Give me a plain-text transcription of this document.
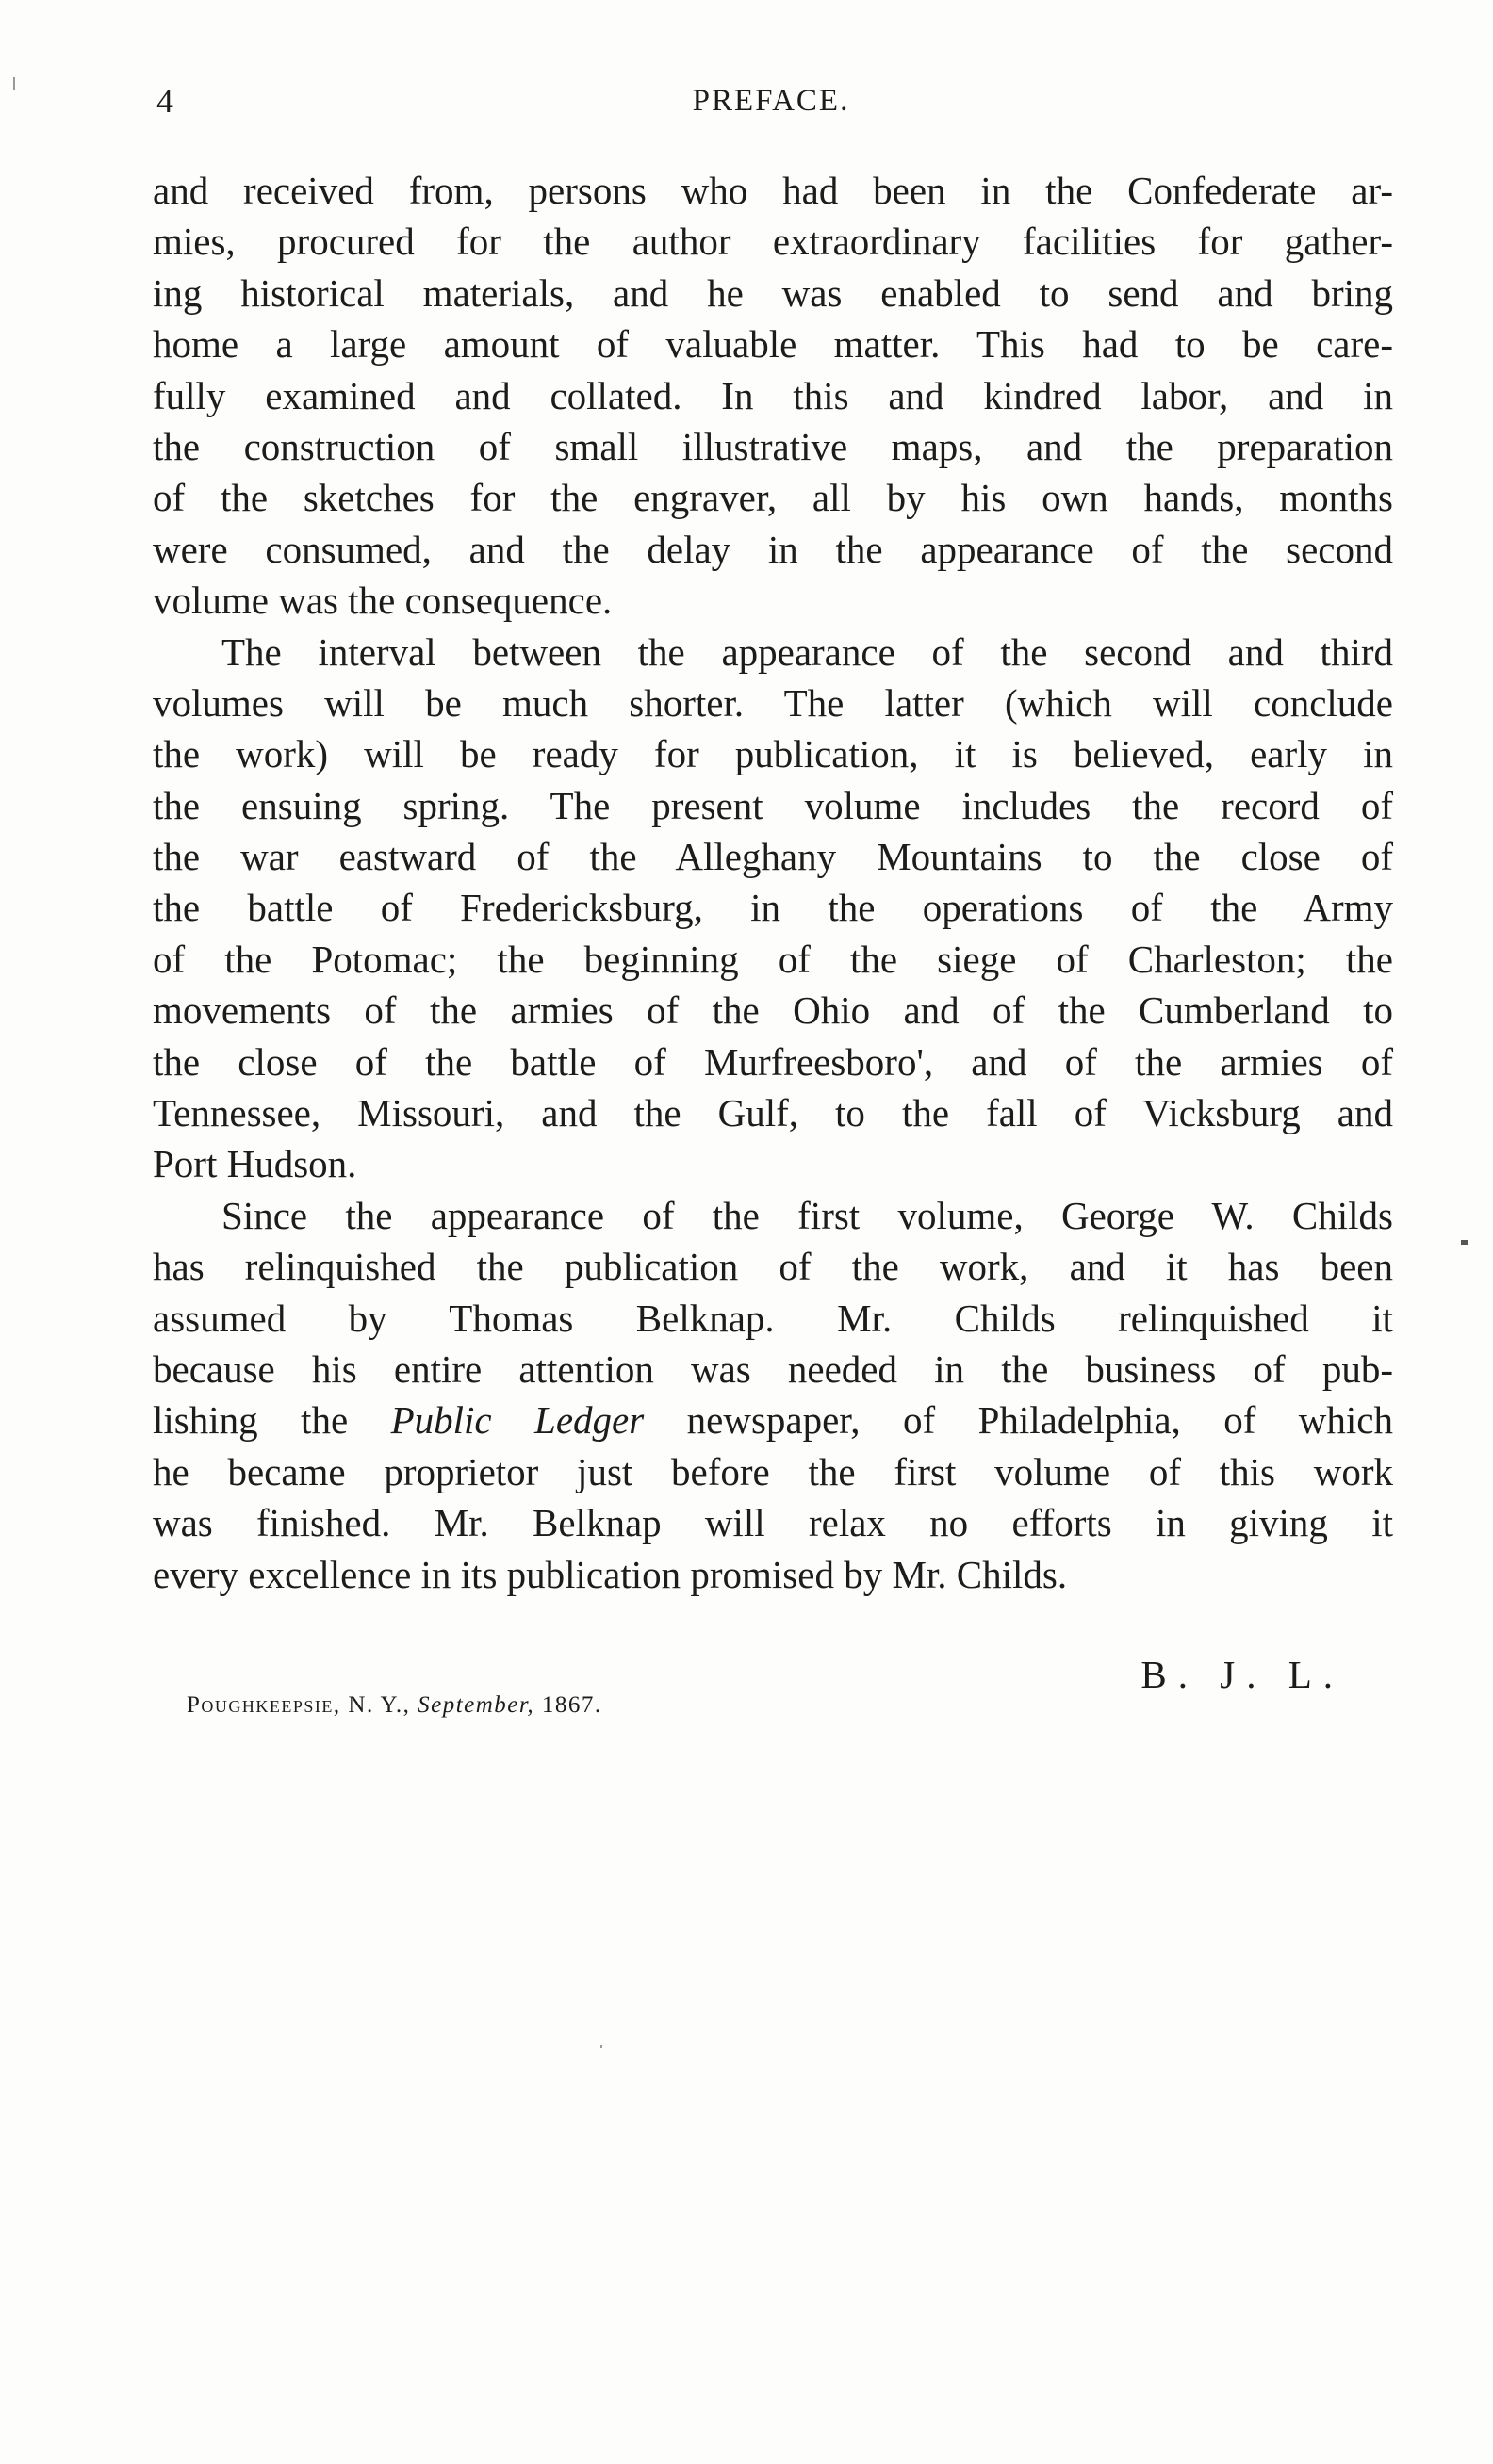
4	PREFACE.
and received from, persons who had been in the Confederate ar-
mies, procured for the author extraordinary facilities for gather-
ing historical materials, and he was enabled to send and bring
home a large amount of valuable matter. This had to be care-
fully examined and collated. In this and kindred labor, and in
the construction of small illustrative maps, and the preparation
of the sketches for the engraver, all by his own hands, months
were consumed, and the delay in the appearance of the second
volume was the consequence.
The interval between the appearance of the second and third
volumes will be much shorter. The latter (which will conclude
the work) will be ready for publication, it is believed, early in
the ensuing spring. The present volume includes the record of
the war eastward of the Alleghany Mountains to the close of
the battle of Fredericksburg, in the operations of the Army
of the Potomac; the beginning of the siege of Charleston; the
movements of the armies of the Ohio and of the Cumberland to
the close of the battle of Murfreesboro', and of the armies of
Tennessee, Missouri, and the Gulf, to the fall of Vicksburg and
Port Hudson.
Since the appearance of the first volume, George W. Childs
has relinquished the publication of the work, and it has been
assumed by Thomas Belknap. Mr. Childs relinquished it
because his entire attention was needed in the business of pub-
lishing the Public Ledger newspaper, of Philadelphia, of which
he became proprietor just before the first volume of this work
was finished. Mr. Belknap will relax no efforts in giving it
every excellence in its publication promised by Mr. Childs.
B. J. L.
Poughkeepsie, N. Y., September, 1867.
